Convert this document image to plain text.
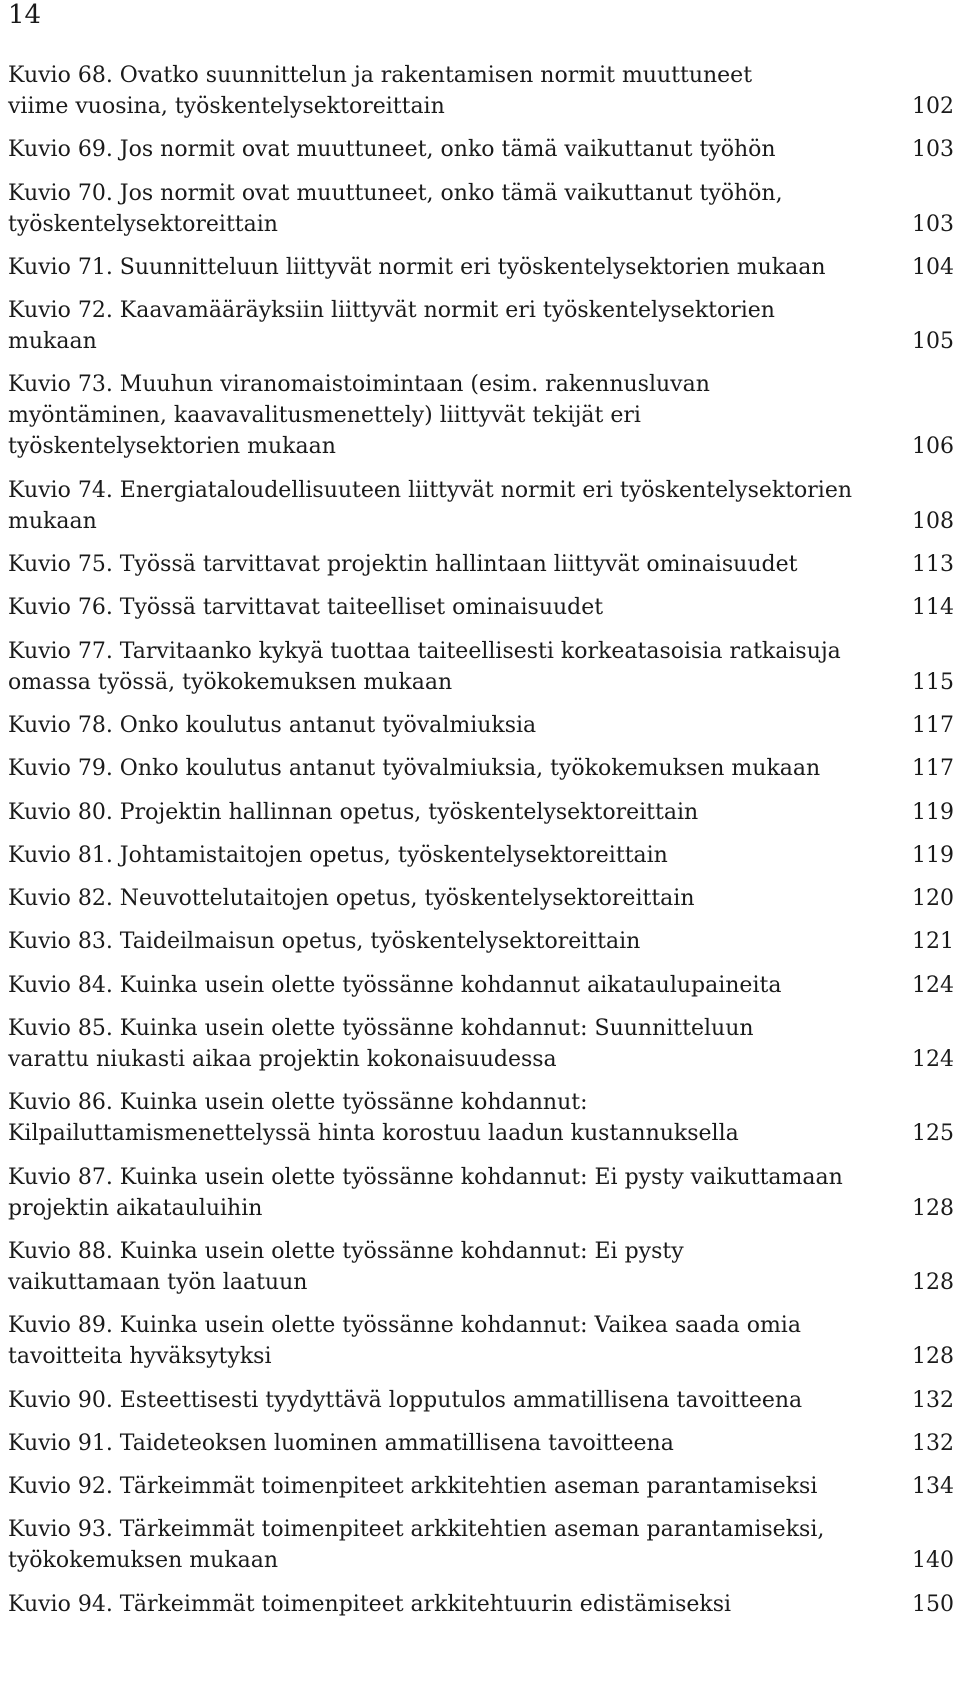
14
Kuvio 68. Ovatko suunnittelun ja rakentamisen normit muuttuneet
viime vuosina, työskentelysektoreittain	102
Kuvio 69. Jos normit ovat muuttuneet, onko tämä vaikuttanut työhön	103
Kuvio 70. Jos normit ovat muuttuneet, onko tämä vaikuttanut työhön,
työskentelysektoreittain	103
Kuvio 71. Suunnitteluun liittyvät normit eri työskentelysektorien mukaan	104
Kuvio 72. Kaavamääräyksiin liittyvät normit eri työskentelysektorien
mukaan	105
Kuvio 73. Muuhun viranomaistoimintaan (esim. rakennusluvan
myöntäminen, kaavavalitusmenettely) liittyvät tekijät eri
työskentelysektorien mukaan	106
Kuvio 74. Energiataloudellisuuteen liittyvät normit eri työskentelysektorien
mukaan	108
Kuvio 75. Työssä tarvittavat projektin hallintaan liittyvät ominaisuudet	113
Kuvio 76. Työssä tarvittavat taiteelliset ominaisuudet	114
Kuvio 77. Tarvitaanko kykyä tuottaa taiteellisesti korkeatasoisia ratkaisuja
omassa työssä, työkokemuksen mukaan	115
Kuvio 78. Onko koulutus antanut työvalmiuksia	117
Kuvio 79. Onko koulutus antanut työvalmiuksia, työkokemuksen mukaan	117
Kuvio 80. Projektin hallinnan opetus, työskentelysektoreittain	119
Kuvio 81. Johtamistaitojen opetus, työskentelysektoreittain	119
Kuvio 82. Neuvottelutaitojen opetus, työskentelysektoreittain	120
Kuvio 83. Taideilmaisun opetus, työskentelysektoreittain	121
Kuvio 84. Kuinka usein olette työssänne kohdannut aikataulupaineita	124
Kuvio 85. Kuinka usein olette työssänne kohdannut: Suunnitteluun
varattu niukasti aikaa projektin kokonaisuudessa	124
Kuvio 86. Kuinka usein olette työssänne kohdannut:
Kilpailuttamismenettelyssä hinta korostuu laadun kustannuksella	125
Kuvio 87. Kuinka usein olette työssänne kohdannut: Ei pysty vaikuttamaan
projektin aikatauluihin	128
Kuvio 88. Kuinka usein olette työssänne kohdannut: Ei pysty
vaikuttamaan työn laatuun	128
Kuvio 89. Kuinka usein olette työssänne kohdannut: Vaikea saada omia
tavoitteita hyväksytyksi	128
Kuvio 90. Esteettisesti tyydyttävä lopputulos ammatillisena tavoitteena	132
Kuvio 91. Taideteoksen luominen ammatillisena tavoitteena	132
Kuvio 92. Tärkeimmät toimenpiteet arkkitehtien aseman parantamiseksi	134
Kuvio 93. Tärkeimmät toimenpiteet arkkitehtien aseman parantamiseksi,
työkokemuksen mukaan	140
Kuvio 94. Tärkeimmät toimenpiteet arkkitehtuurin edistämiseksi	150
